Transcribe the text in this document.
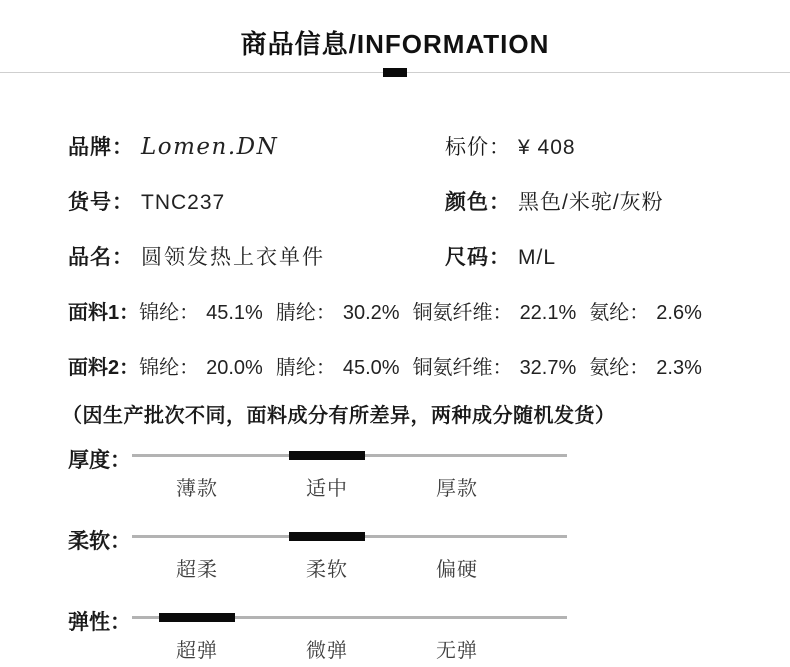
商品信息/INFORMATION
品牌： Lomen.DN	标价： ¥ 408
货号： TNC237	颜色： 黑色/米驼/灰粉
品名： 圆领发热上衣单件	尺码： M/L
面料1： 锦纶： 45.1% 腈纶： 30.2% 铜氨纤维： 22.1% 氨纶： 2.6%
面料2： 锦纶： 20.0% 腈纶： 45.0% 铜氨纤维： 32.7% 氨纶： 2.3%
（因生产批次不同，面料成分有所差异，两种成分随机发货）
厚度：
薄款	适中	厚款
柔软：
超柔	柔软	偏硬
弹性：
超弹	微弹	无弹
